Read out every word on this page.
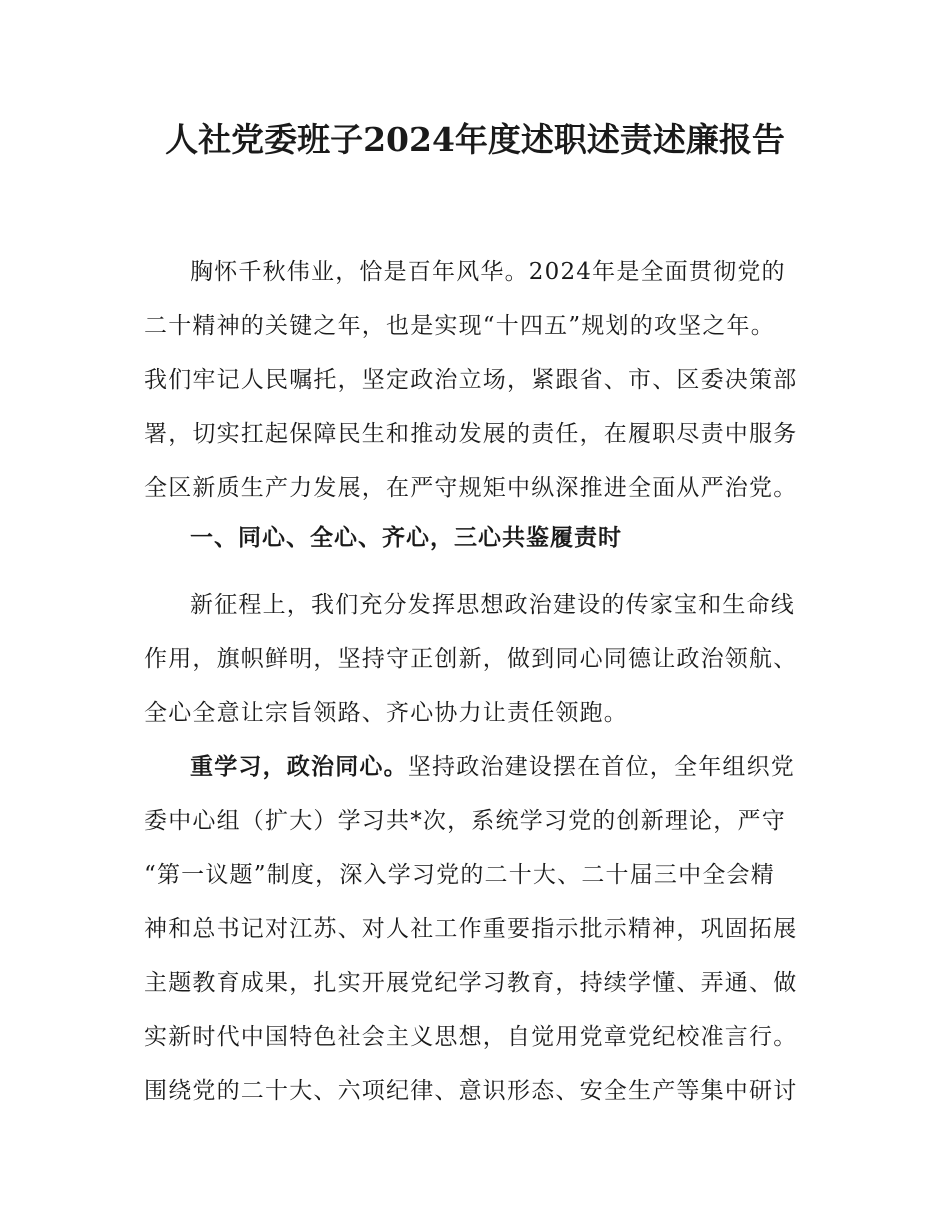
人社党委班子2024年度述职述责述廉报告
胸怀千秋伟业，恰是百年风华。2024年是全面贯彻党的
二十精神的关键之年，也是实现“十四五”规划的攻坚之年。
我们牢记人民嘱托，坚定政治立场，紧跟省、市、区委决策部
署，切实扛起保障民生和推动发展的责任，在履职尽责中服务
全区新质生产力发展，在严守规矩中纵深推进全面从严治党。
一、同心、全心、齐心，三心共鉴履责时
新征程上，我们充分发挥思想政治建设的传家宝和生命线
作用，旗帜鲜明，坚持守正创新，做到同心同德让政治领航、
全心全意让宗旨领路、齐心协力让责任领跑。
重学习，政治同心。坚持政治建设摆在首位，全年组织党
委中心组（扩大）学习共*次，系统学习党的创新理论，严守
“第一议题”制度，深入学习党的二十大、二十届三中全会精
神和总书记对江苏、对人社工作重要指示批示精神，巩固拓展
主题教育成果，扎实开展党纪学习教育，持续学懂、弄通、做
实新时代中国特色社会主义思想，自觉用党章党纪校准言行。
围绕党的二十大、六项纪律、意识形态、安全生产等集中研讨
